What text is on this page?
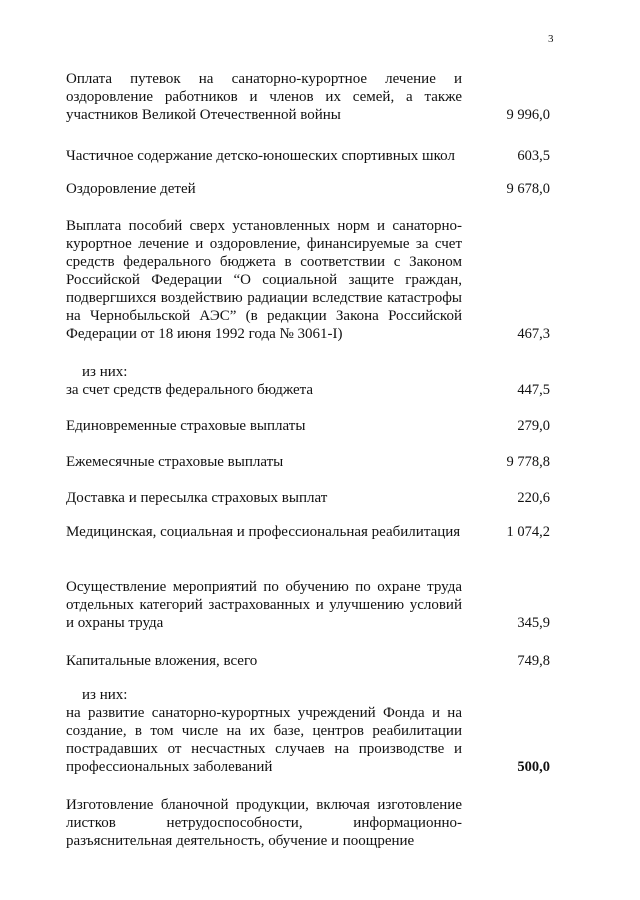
3
Оплата путевок на санаторно-курортное лечение и оздоровление работников и членов их семей, а также участников Великой Отечественной войны	9 996,0
Частичное содержание детско-юношеских спортивных школ	603,5
Оздоровление детей	9 678,0
Выплата пособий сверх установленных норм и санаторно-курортное лечение и оздоровление, финансируемые за счет средств федерального бюджета в соответствии с Законом Российской Федерации “О социальной защите граждан, подвергшихся воздействию радиации вследствие катастрофы на Чернобыльской АЭС” (в редакции Закона Российской Федерации от 18 июня 1992 года № 3061-I)	467,3
из них:
за счет средств федерального бюджета	447,5
Единовременные страховые выплаты	279,0
Ежемесячные страховые выплаты	9 778,8
Доставка и пересылка страховых выплат	220,6
Медицинская, социальная и профессиональная реабилитация	1 074,2
Осуществление мероприятий по обучению по охране труда отдельных категорий застрахованных и улучшению условий и охраны труда	345,9
Капитальные вложения, всего	749,8
из них:
на развитие санаторно-курортных учреждений Фонда и на создание, в том числе на их базе, центров реабилитации пострадавших от несчастных случаев на производстве и профессиональных заболеваний	500,0
Изготовление бланочной продукции, включая изготовление листков нетрудоспособности, информационно-разъяснительная деятельность, обучение и поощрение
